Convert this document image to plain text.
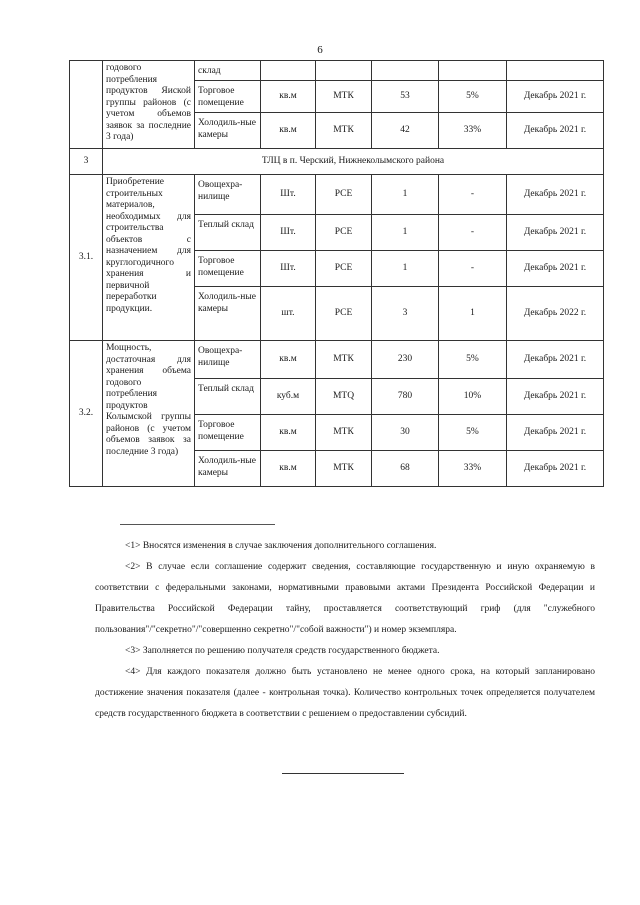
6
	годового потребления продуктов Яиской группы районов (с учетом объемов заявок за последние 3 года)	склад					
		Торговое помещение	кв.м	МТК	53	5%	Декабрь 2021 г.
		Холодиль-ные камеры	кв.м	МТК	42	33%	Декабрь 2021 г.
3	ТЛЦ в п. Черский, Нижнеколымского района						
3.1.	Приобретение строительных материалов, необходимых для строительства объектов с назначением для круглогодичного хранения и первичной переработки продукции.	Овощехра-нилище	Шт.	РСЕ	1	-	Декабрь 2021 г.
		Теплый склад	Шт.	РСЕ	1	-	Декабрь 2021 г.
		Торговое помещение	Шт.	РСЕ	1	-	Декабрь 2021 г.
		Холодиль-ные камеры	шт.	РСЕ	3	1	Декабрь 2022 г.
3.2.	Мощность, достаточная для хранения объема годового потребления продуктов Колымской группы районов (с учетом объемов заявок за последние 3 года)	Овощехра-нилище	кв.м	МТК	230	5%	Декабрь 2021 г.
		Теплый склад	куб.м	MTQ	780	10%	Декабрь 2021 г.
		Торговое помещение	кв.м	МТК	30	5%	Декабрь 2021 г.
		Холодиль-ные камеры	кв.м	МТК	68	33%	Декабрь 2021 г.

<1> Вносятся изменения в случае заключения дополнительного соглашения.

<2> В случае если соглашение содержит сведения, составляющие государственную и иную охраняемую в соответствии с федеральными законами, нормативными правовыми актами Президента Российской Федерации и Правительства Российской Федерации тайну, проставляется соответствующий гриф (для "служебного пользования"/"секретно"/"совершенно секретно"/"собой важности") и номер экземпляра.

<3> Заполняется по решению получателя средств государственного бюджета.

<4> Для каждого показателя должно быть установлено не менее одного срока, на который запланировано достижение значения показателя (далее - контрольная точка). Количество контрольных точек определяется получателем средств государственного бюджета в соответствии с решением о предоставлении субсидий.
